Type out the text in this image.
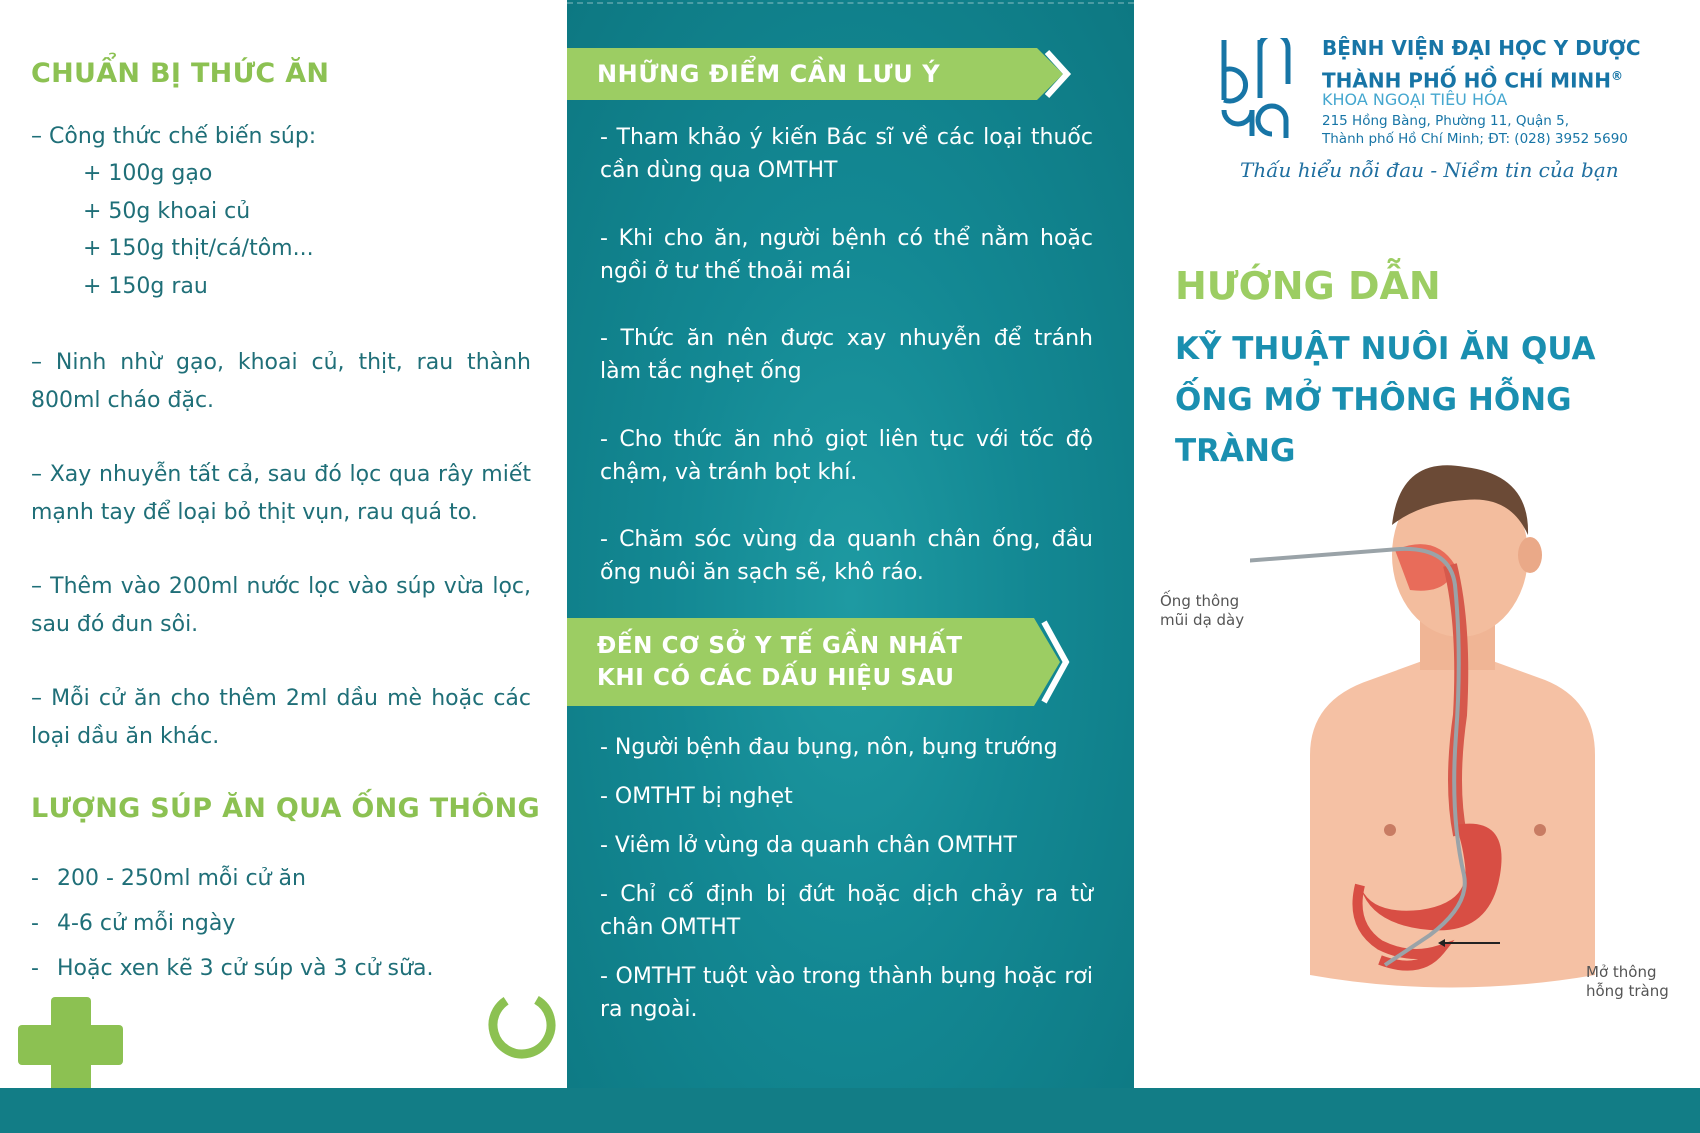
CHUẨN BỊ THỨC ĂN

– Công thức chế biến súp:

+ 100g gạo
+ 50g khoai củ
+ 150g thịt/cá/tôm...
+ 150g rau

– Ninh nhừ gạo, khoai củ, thịt, rau thành 800ml cháo đặc.

– Xay nhuyễn tất cả, sau đó lọc qua rây miết mạnh tay để loại bỏ thịt vụn, rau quá to.

– Thêm vào 200ml nước lọc vào súp vừa lọc, sau đó đun sôi.

– Mỗi cử ăn cho thêm 2ml dầu mè hoặc các loại dầu ăn khác.

LƯỢNG SÚP ĂN QUA ỐNG THÔNG
- 200 - 250ml mỗi cử ăn
- 4-6 cử mỗi ngày
- Hoặc xen kẽ 3 cử súp và 3 cử sữa.
NHỮNG ĐIỂM CẦN LƯU Ý

- Tham khảo ý kiến Bác sĩ về các loại thuốc cần dùng qua OMTHT

- Khi cho ăn, người bệnh có thể nằm hoặc ngồi ở tư thế thoải mái

- Thức ăn nên được xay nhuyễn để tránh làm tắc nghẹt ống

- Cho thức ăn nhỏ giọt liên tục với tốc độ chậm, và tránh bọt khí.

- Chăm sóc vùng da quanh chân ống, đầu ống nuôi ăn sạch sẽ, khô ráo.

ĐẾN CƠ SỞ Y TẾ GẦN NHẤT
KHI CÓ CÁC DẤU HIỆU SAU

- Người bệnh đau bụng, nôn, bụng trướng

- OMTHT bị nghẹt

- Viêm lở vùng da quanh chân OMTHT

- Chỉ cố định bị đứt hoặc dịch chảy ra từ chân OMTHT

- OMTHT tuột vào trong thành bụng hoặc rơi ra ngoài.

BỆNH VIỆN ĐẠI HỌC Y DƯỢC
THÀNH PHỐ HỒ CHÍ MINH®
KHOA NGOẠI TIÊU HÓA
215 Hồng Bàng, Phường 11, Quận 5,
Thành phố Hồ Chí Minh; ĐT: (028) 3952 5690
Thấu hiểu nỗi đau - Niềm tin của bạn
HƯỚNG DẪN
KỸ THUẬT NUÔI ĂN QUA
ỐNG MỞ THÔNG HỖNG TRÀNG
Ống thông
mũi dạ dày
Mở thông
hỗng tràng
